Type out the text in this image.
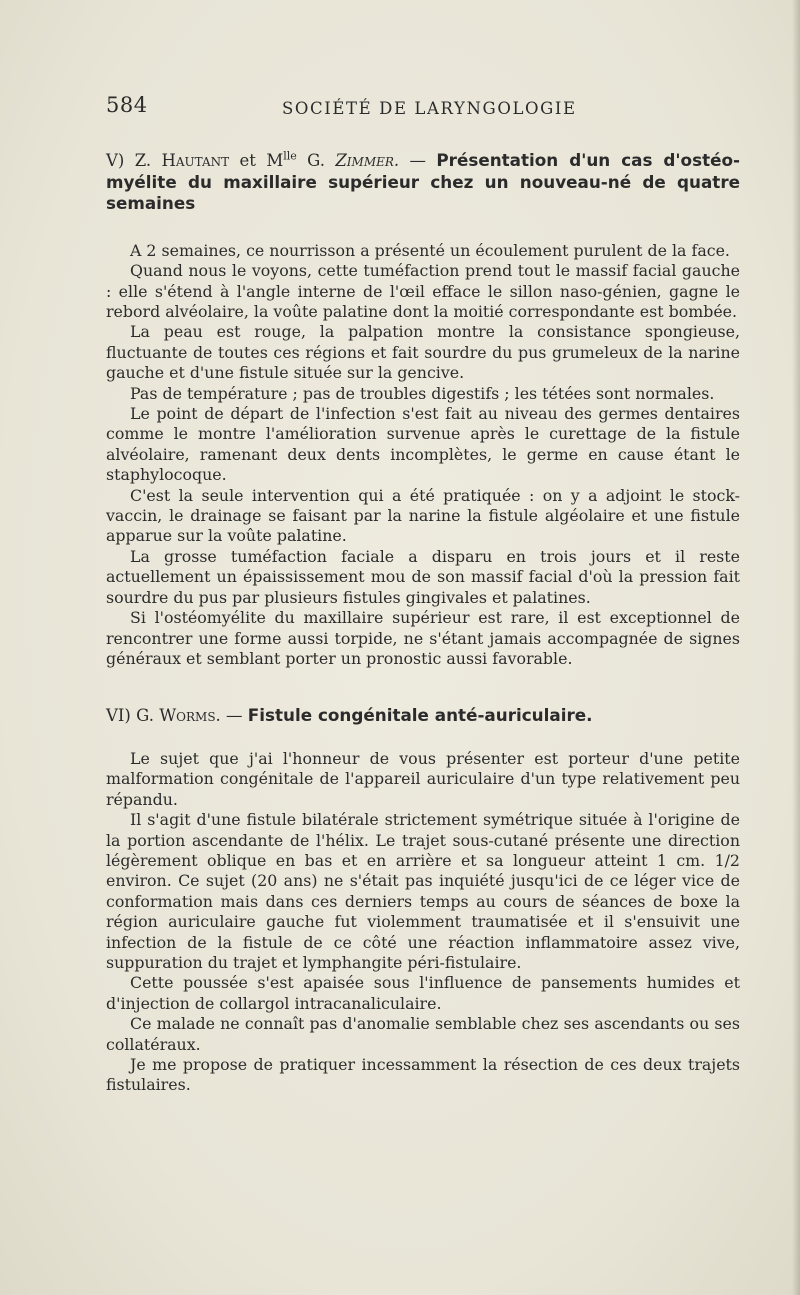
584	SOCIÉTÉ DE LARYNGOLOGIE

V) Z. Hautant et $M^{lle}$ G. Zimmer. — Présentation d'un cas d'ostéo-myélite du maxillaire supérieur chez un nouveau-né de quatre semaines

A 2 semaines, ce nourrisson a présenté un écoulement purulent de la face.

Quand nous le voyons, cette tuméfaction prend tout le massif facial gauche : elle s'étend à l'angle interne de l'œil efface le sillon naso-génien, gagne le rebord alvéolaire, la voûte palatine dont la moitié correspondante est bombée.

La peau est rouge, la palpation montre la consistance spongieuse, fluctuante de toutes ces régions et fait sourdre du pus grumeleux de la narine gauche et d'une fistule située sur la gencive.

Pas de température ; pas de troubles digestifs ; les tétées sont normales.

Le point de départ de l'infection s'est fait au niveau des germes dentaires comme le montre l'amélioration survenue après le curettage de la fistule alvéolaire, ramenant deux dents incomplètes, le germe en cause étant le staphylocoque.

C'est la seule intervention qui a été pratiquée : on y a adjoint le stock-vaccin, le drainage se faisant par la narine la fistule algéolaire et une fistule apparue sur la voûte palatine.

La grosse tuméfaction faciale a disparu en trois jours et il reste actuellement un épaississement mou de son massif facial d'où la pression fait sourdre du pus par plusieurs fistules gingivales et palatines.

Si l'ostéomyélite du maxillaire supérieur est rare, il est exceptionnel de rencontrer une forme aussi torpide, ne s'étant jamais accompagnée de signes généraux et semblant porter un pronostic aussi favorable.

VI) G. Worms. — Fistule congénitale anté-auriculaire.

Le sujet que j'ai l'honneur de vous présenter est porteur d'une petite malformation congénitale de l'appareil auriculaire d'un type relativement peu répandu.

Il s'agit d'une fistule bilatérale strictement symétrique située à l'origine de la portion ascendante de l'hélix. Le trajet sous-cutané présente une direction légèrement oblique en bas et en arrière et sa longueur atteint 1 cm. 1/2 environ. Ce sujet (20 ans) ne s'était pas inquiété jusqu'ici de ce léger vice de conformation mais dans ces derniers temps au cours de séances de boxe la région auriculaire gauche fut violemment traumatisée et il s'ensuivit une infection de la fistule de ce côté une réaction inflammatoire assez vive, suppuration du trajet et lymphangite péri-fistulaire.

Cette poussée s'est apaisée sous l'influence de pansements humides et d'injection de collargol intracanaliculaire.

Ce malade ne connaît pas d'anomalie semblable chez ses ascendants ou ses collatéraux.

Je me propose de pratiquer incessamment la résection de ces deux trajets fistulaires.
